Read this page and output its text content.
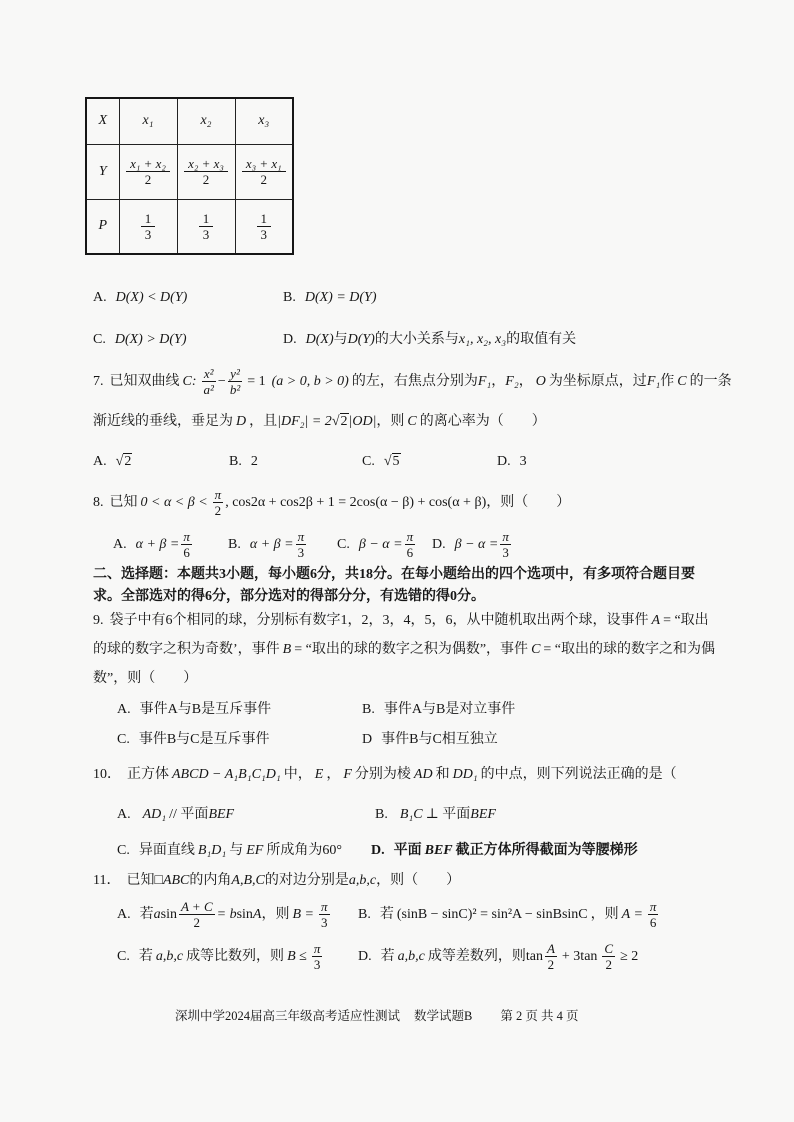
X	x₁	x₂	x₃
Y	$\frac{\text{x₁ + x₂}}{2}$	$\frac{\text{x₂ + x₃}}{2}$	$\frac{\text{x₃ + x₁}}{2}$

P	$\frac{1}{3}$	$\frac{1}{3}$	$\frac{1}{3}$
A. D(X) < D(Y)	B. D(X) = D(Y)
C. D(X) > D(Y)	D. D(X)与D(Y)的大小关系与x₁, x₂, x₃的取值有关
7. 已知双曲线 C: $\frac{\text{x²}}{\text{a²}} - \frac{\text{y²}}{\text{b²}} = 1$ (a > 0, b > 0) 的左，右焦点分别为F₁，F₂， O 为坐标原点，过F₁作 C 的一条
渐近线的垂线，垂足为 D ，且|DF₂| = 2√2|OD|，则 C 的离心率为（　　）
A. √2	B. 2	C. √5	D. 3
8. 已知 $0 < \alpha < \beta < \frac{\pi}{2}$ , cos2α + cos2β + 1 = 2cos(α − β) + cos(α + β)，则（　　）
A. $\alpha + \beta = \frac{\pi}{6}$	B. $\alpha + \beta = \frac{\pi}{3} C$. $\beta - \alpha = \frac{\pi}{6} D$. $\beta - \alpha = \frac{\pi}{3}$
二、选择题：本题共3小题，每小题6分，共18分。在每小题给出的四个选项中，有多项符合题目要
求。全部选对的得6分，部分选对的得部分分，有选错的得0分。
9. 袋子中有6个相同的球，分别标有数字1，2，3，4，5，6，从中随机取出两个球，设事件 A = “取出
的球的数字之积为奇数’，事件 B = “取出的球的数字之积为偶数”，事件 C = “取出的球的数字之和为偶
数”，则（　　）
A. 事件A与B是互斥事件	B. 事件A与B是对立事件
C. 事件B与C是互斥事件	D 事件B与C相互独立
10． 正方体 ABCD − A₁B₁C₁D₁ 中， E ， F 分别为棱 AD 和 DD₁ 的中点，则下列说法正确的是（
A. AD₁ // 平面BEF	B. B₁C ⊥ 平面BEF
C. 异面直线 B₁D₁ 与 EF 所成角为60° D. 平面 BEF 截正方体所得截面为等腰梯形
11． 已知□ABC的内角A,B,C的对边分别是a,b,c，则（　　）
A. 若asin $\frac{A + C}{2} = bsinA$，则 $B = \frac{\pi}{3} B$. 若 (sinB − sinC)² = sin²A − sinBsinC ，则 $A = \frac{\pi}{6}$
C. 若 a,b,c 成等比数列，则 $B \le \frac{\pi}{3}$	D. 若 a,b,c 成等差数列，则$\tan \frac{A}{2} + 3\tan \frac{C}{2} \ge 2$
深圳中学2024届高三年级高考适应性测试 数学试题B 第 2 页 共 4 页
